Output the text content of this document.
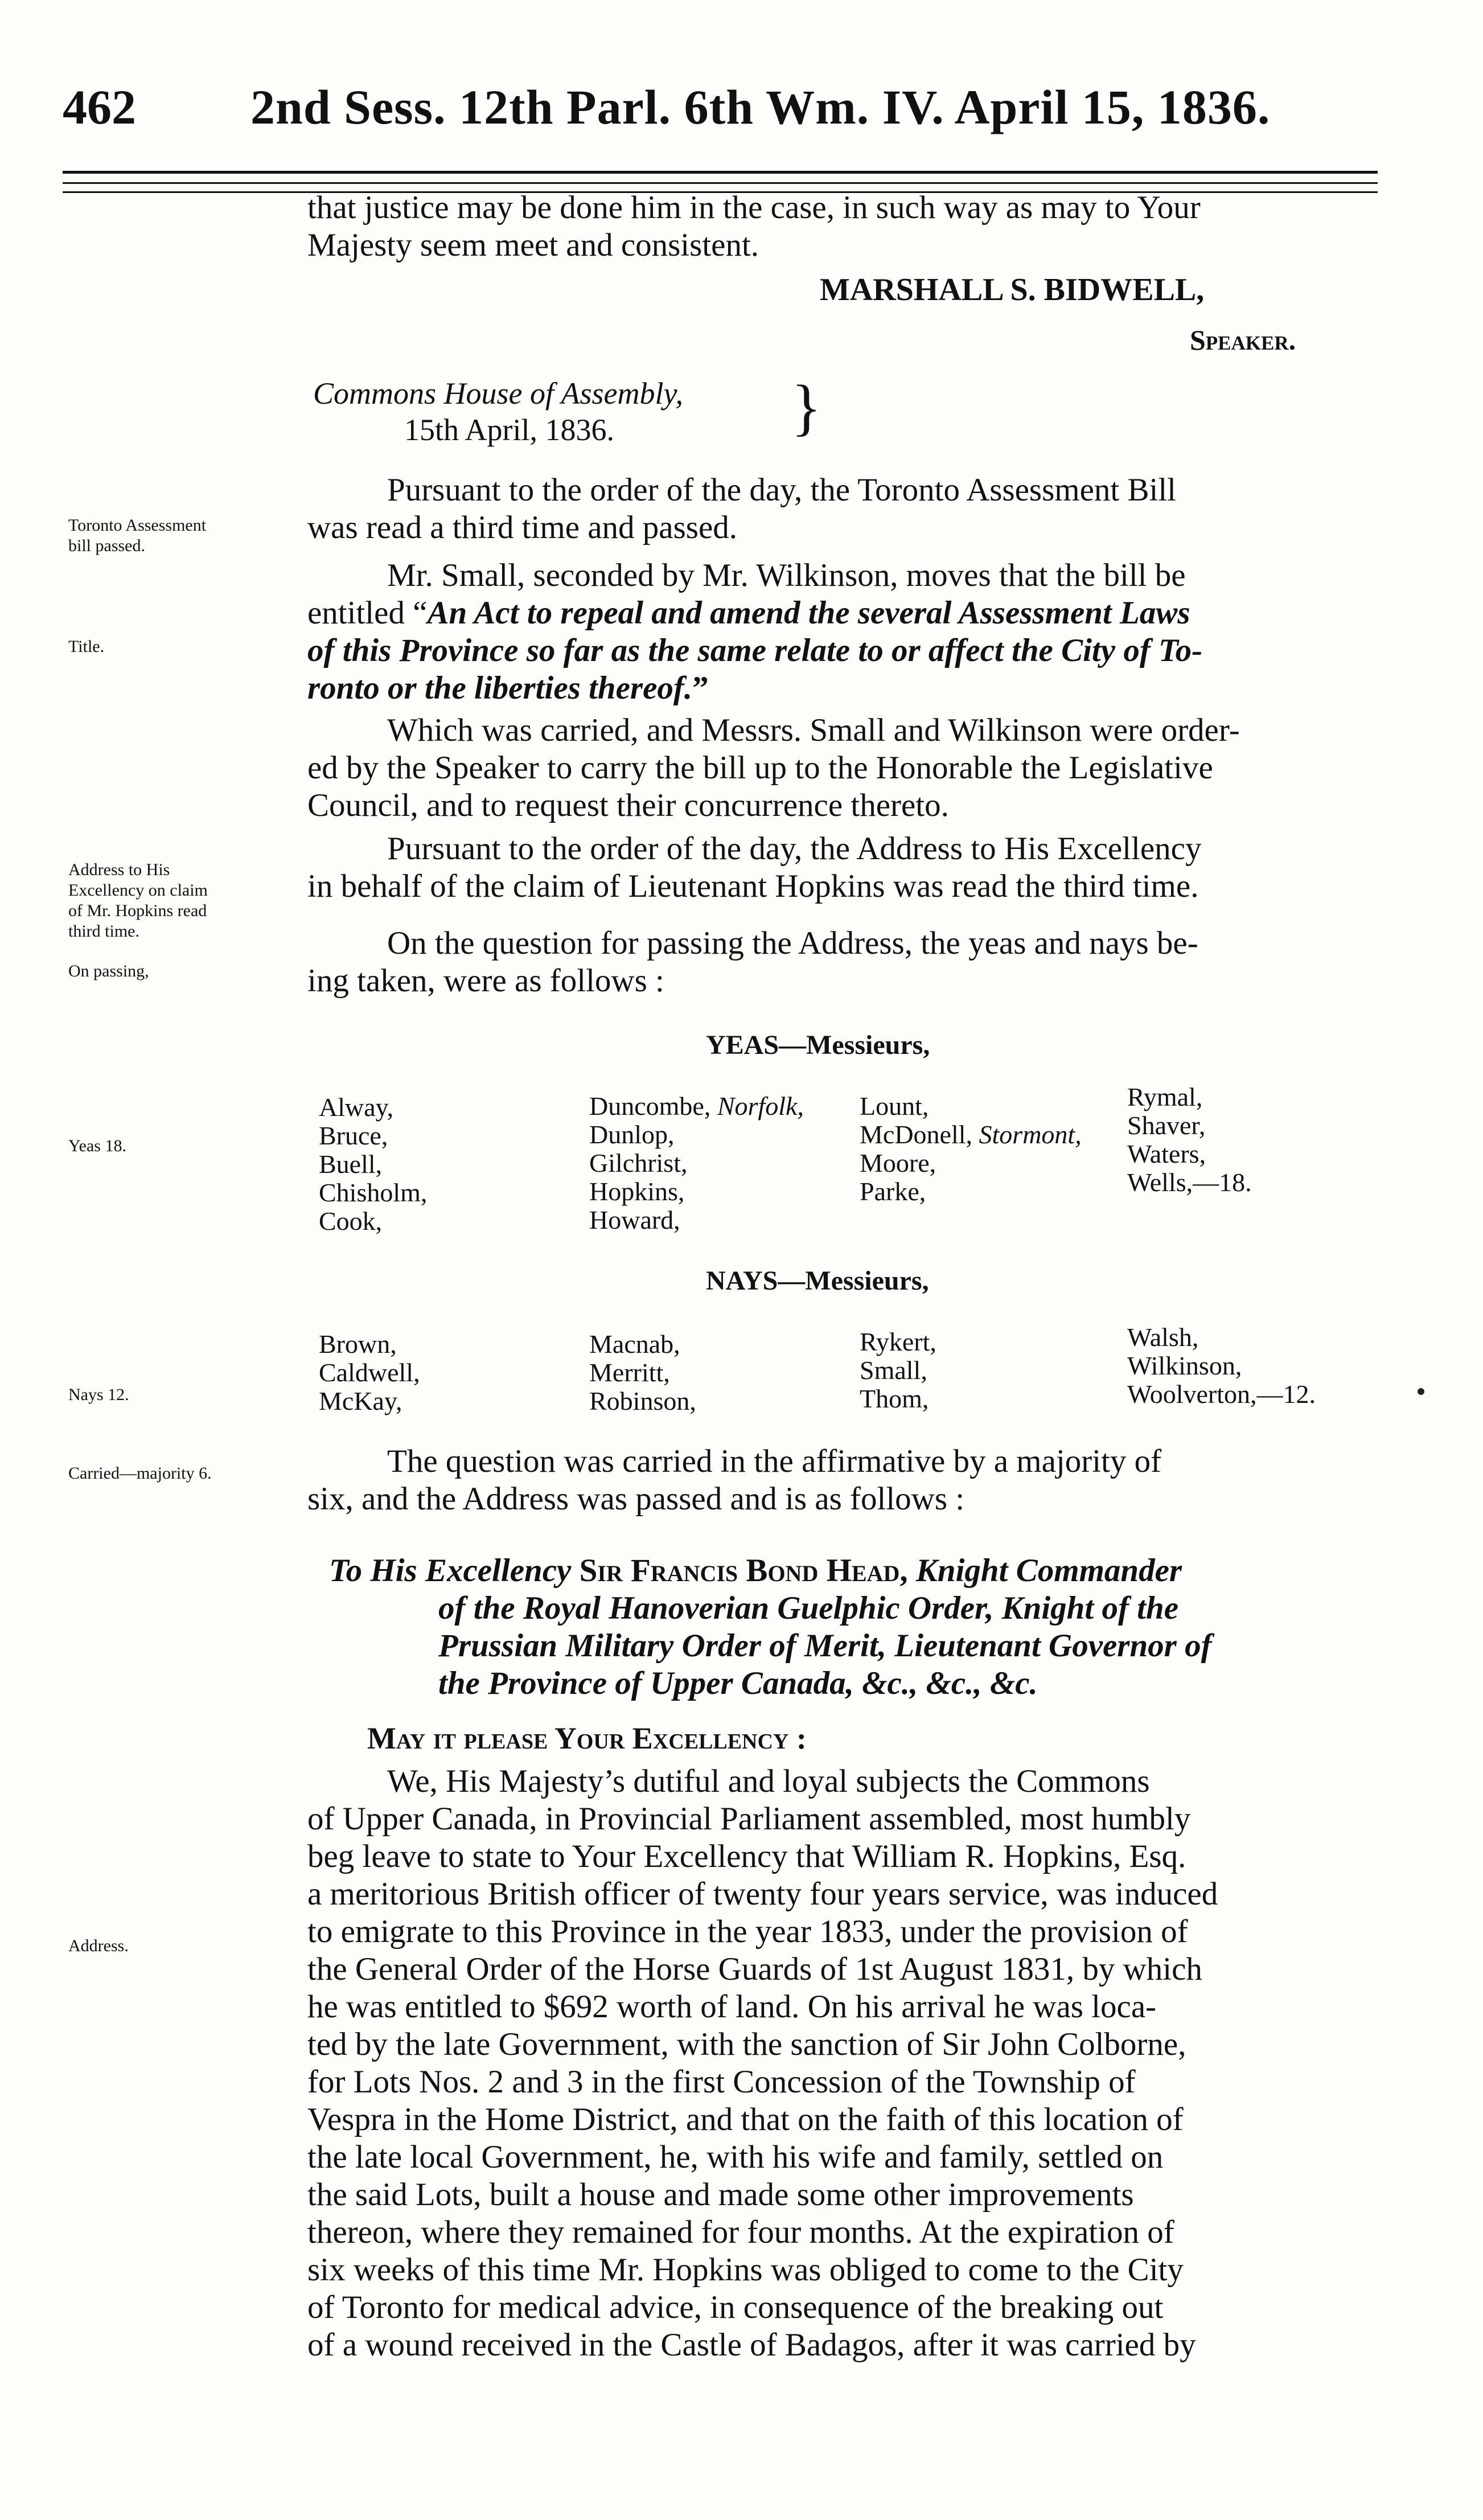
462 2nd Sess. 12th Parl. 6th Wm. IV. April 15, 1836.
that justice may be done him in the case, in such way as may to Your
Majesty seem meet and consistent.
MARSHALL S. BIDWELL,
Speaker.
Commons House of Assembly,
15th April, 1836.	}
Toronto Assessment
bill passed.
Title.
Address to His
Excellency on claim
of Mr. Hopkins read
third time.
On passing,
Yeas 18.
Nays 12.
Carried—majority 6.
Address.
Pursuant to the order of the day, the Toronto Assessment Bill
was read a third time and passed.
Mr. Small, seconded by Mr. Wilkinson, moves that the bill be
entitled “An Act to repeal and amend the several Assessment Laws
of this Province so far as the same relate to or affect the City of To-
ronto or the liberties thereof.”
Which was carried, and Messrs. Small and Wilkinson were order-
ed by the Speaker to carry the bill up to the Honorable the Legislative
Council, and to request their concurrence thereto.
Pursuant to the order of the day, the Address to His Excellency
in behalf of the claim of Lieutenant Hopkins was read the third time.
On the question for passing the Address, the yeas and nays be-
ing taken, were as follows :
YEAS—Messieurs,
Alway,
Bruce,
Buell,
Chisholm,
Cook,
Duncombe, Norfolk,
Dunlop,
Gilchrist,
Hopkins,
Howard,
Lount,
McDonell, Stormont,
Moore,
Parke,
Rymal,
Shaver,
Waters,
Wells,—18.
NAYS—Messieurs,
Brown,
Caldwell,
McKay,
Macnab,
Merritt,
Robinson,
Rykert,
Small,
Thom,
Walsh,
Wilkinson,
Woolverton,—12.
The question was carried in the affirmative by a majority of
six, and the Address was passed and is as follows :
To His Excellency Sir Francis Bond Head, Knight Commander
of the Royal Hanoverian Guelphic Order, Knight of the
Prussian Military Order of Merit, Lieutenant Governor of
the Province of Upper Canada, &c., &c., &c.
May it please Your Excellency :
We, His Majesty’s dutiful and loyal subjects the Commons
of Upper Canada, in Provincial Parliament assembled, most humbly
beg leave to state to Your Excellency that William R. Hopkins, Esq.
a meritorious British officer of twenty four years service, was induced
to emigrate to this Province in the year 1833, under the provision of
the General Order of the Horse Guards of 1st August 1831, by which
he was entitled to $692 worth of land. On his arrival he was loca-
ted by the late Government, with the sanction of Sir John Colborne,
for Lots Nos. 2 and 3 in the first Concession of the Township of
Vespra in the Home District, and that on the faith of this location of
the late local Government, he, with his wife and family, settled on
the said Lots, built a house and made some other improvements
thereon, where they remained for four months. At the expiration of
six weeks of this time Mr. Hopkins was obliged to come to the City
of Toronto for medical advice, in consequence of the breaking out
of a wound received in the Castle of Badagos, after it was carried by
